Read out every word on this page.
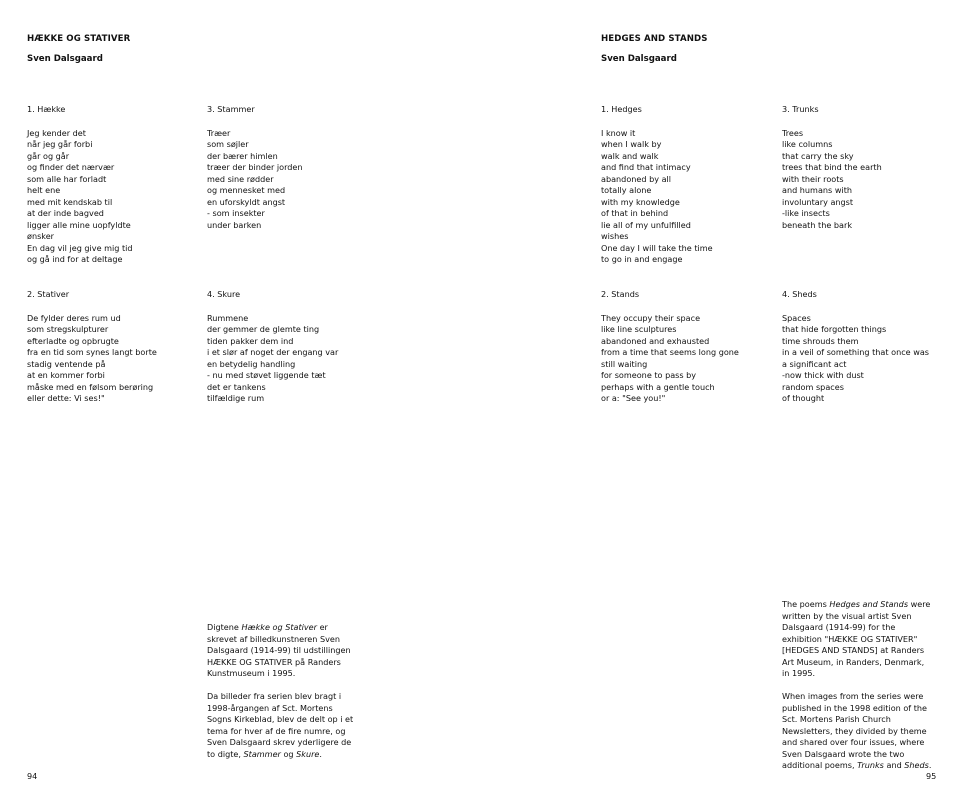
HÆKKE OG STATIVER
Sven Dalsgaard
1. Hække
Jeg kender det
når jeg går forbi
går og går
og finder det nærvær
som alle har forladt
helt ene
med mit kendskab til
at der inde bagved
ligger alle mine uopfyldte
ønsker
En dag vil jeg give mig tid
og gå ind for at deltage
3. Stammer
Træer
som søjler
der bærer himlen
træer der binder jorden
med sine rødder
og mennesket med
en uforskyldt angst
- som insekter
under barken
2. Stativer
De fylder deres rum ud
som stregskulpturer
efterladte og opbrugte
fra en tid som synes langt borte
stadig ventende på
at en kommer forbi
måske med en følsom berøring
eller dette: Vi ses!"
4. Skure
Rummene
der gemmer de glemte ting
tiden pakker dem ind
i et slør af noget der engang var
en betydelig handling
- nu med støvet liggende tæt
det er tankens
tilfældige rum

Digtene Hække og Stativer er skrevet af billedkunstneren Sven Dalsgaard (1914-99) til udstillingen HÆKKE OG STATIVER på Randers Kunstmuseum i 1995.

Da billeder fra serien blev bragt i 1998-årgangen af Sct. Mortens Sogns Kirkeblad, blev de delt op i et tema for hver af de fire numre, og Sven Dalsgaard skrev yderligere de to digte, Stammer og Skure.

94
HEDGES AND STANDS
Sven Dalsgaard
1. Hedges
I know it
when I walk by
walk and walk
and find that intimacy
abandoned by all
totally alone
with my knowledge
of that in behind
lie all of my unfulfilled
wishes
One day I will take the time
to go in and engage
3. Trunks
Trees
like columns
that carry the sky
trees that bind the earth
with their roots
and humans with
involuntary angst
-like insects
beneath the bark
2. Stands
They occupy their space
like line sculptures
abandoned and exhausted
from a time that seems long gone
still waiting
for someone to pass by
perhaps with a gentle touch
or a: "See you!"
4. Sheds
Spaces
that hide forgotten things
time shrouds them
in a veil of something that once was
a significant act
-now thick with dust
random spaces
of thought

The poems Hedges and Stands were written by the visual artist Sven Dalsgaard (1914-99) for the exhibition "HÆKKE OG STATIVER" [HEDGES AND STANDS] at Randers Art Museum, in Randers, Denmark, in 1995.

When images from the series were published in the 1998 edition of the Sct. Mortens Parish Church Newsletters, they divided by theme and shared over four issues, where Sven Dalsgaard wrote the two additional poems, Trunks and Sheds.

95
